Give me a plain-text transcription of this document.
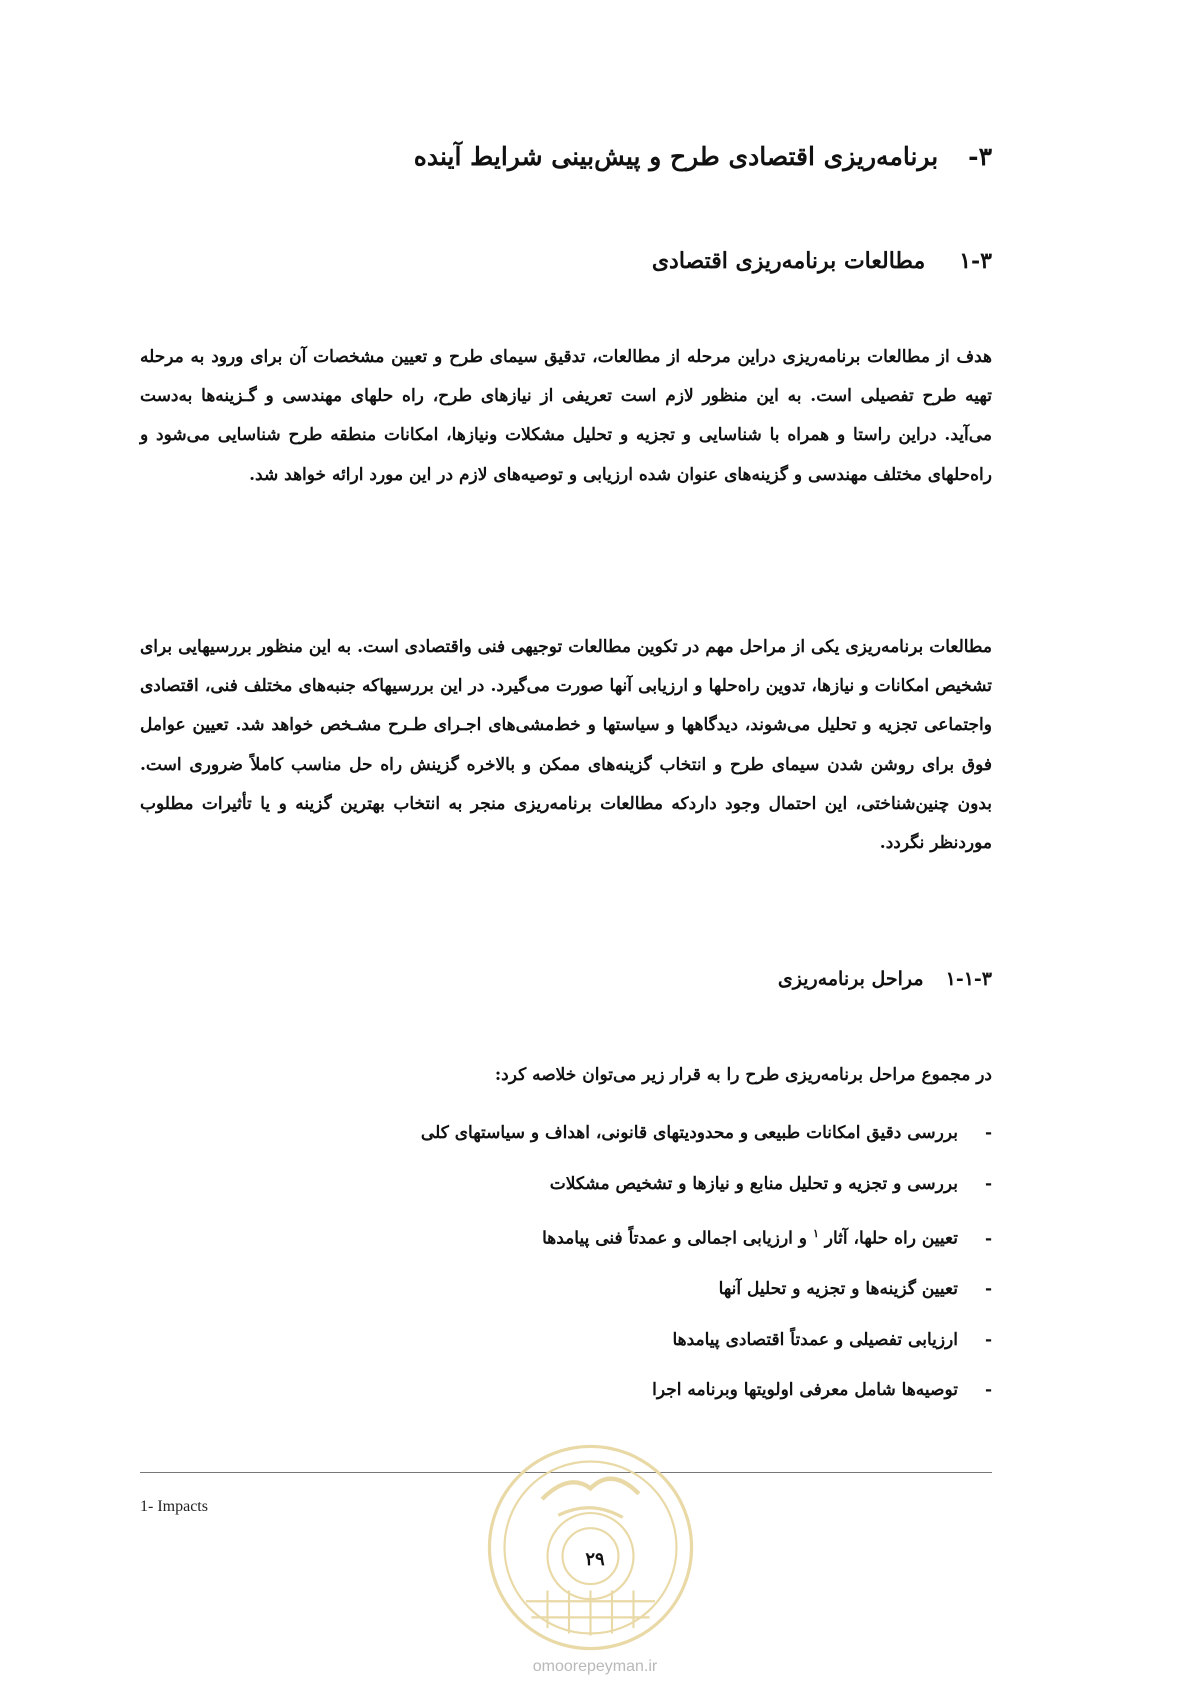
۳-برنامه‌ریزی اقتصادی طرح و پیش‌بینی شرایط آینده
۱-۳مطالعات برنامه‌ریزی اقتصادی

هدف از مطالعات برنامه‌ریزی دراین مرحله از مطالعات، تدقیق سیمای طرح و تعیین مشخصات آن برای ورود به مرحله تهیه طرح تفصیلی است. به این منظور لازم است تعریفی از نیازهای طرح، راه حلهای مهندسی و گـزینه‌ها به‌دست می‌آید. دراین راستا و همراه با شناسایی و تجزیه و تحلیل مشکلات ونیازها، امکانات منطقه طرح شناسایی می‌شود و راه‌حلهای مختلف مهندسی و گزینه‌های عنوان شده ارزیابی و توصیه‌های لازم در این مورد ارائه خواهد شد.

مطالعات برنامه‌ریزی یکی از مراحل مهم در تکوین مطالعات توجیهی فنی واقتصادی است. به این منظور بررسیهایی برای تشخیص امکانات و نیازها، تدوین راه‌حلها و ارزیابی آنها صورت می‌گیرد. در این بررسیهاکه جنبه‌های مختلف فنی، اقتصادی واجتماعی تجزیه و تحلیل می‌شوند، دیدگاهها و سیاستها و خط‌مشی‌های اجـرای طـرح مشـخص خواهد شد. تعیین عوامل فوق برای روشن شدن سیمای طرح و انتخاب گزینه‌های ممکن و بالاخره گزینش راه حل مناسب کاملاً ضروری است. بدون چنین‌شناختی، این احتمال وجود داردکه مطالعات برنامه‌ریزی منجر به انتخاب بهترین گزینه و یا تأثیرات مطلوب موردنظر نگردد.

۱-۱-۳مراحل برنامه‌ریزی
در مجموع مراحل برنامه‌ریزی طرح را به قرار زیر می‌توان خلاصه کرد:
-بررسی دقیق امکانات طبیعی و محدودیتهای قانونی، اهداف و سیاستهای کلی
-بررسی و تجزیه و تحلیل منابع و نیازها و تشخیص مشکلات
-تعیین راه حلها، آثار $^۱$ و ارزیابی اجمالی و عمدتاً فنی پیامدها
-تعیین گزینه‌ها و تجزیه و تحلیل آنها
-ارزیابی تفصیلی و عمدتاً اقتصادی پیامدها
-توصیه‌ها شامل معرفی اولویتها وبرنامه اجرا
1- Impacts
۲۹
omoorepeyman.ir
